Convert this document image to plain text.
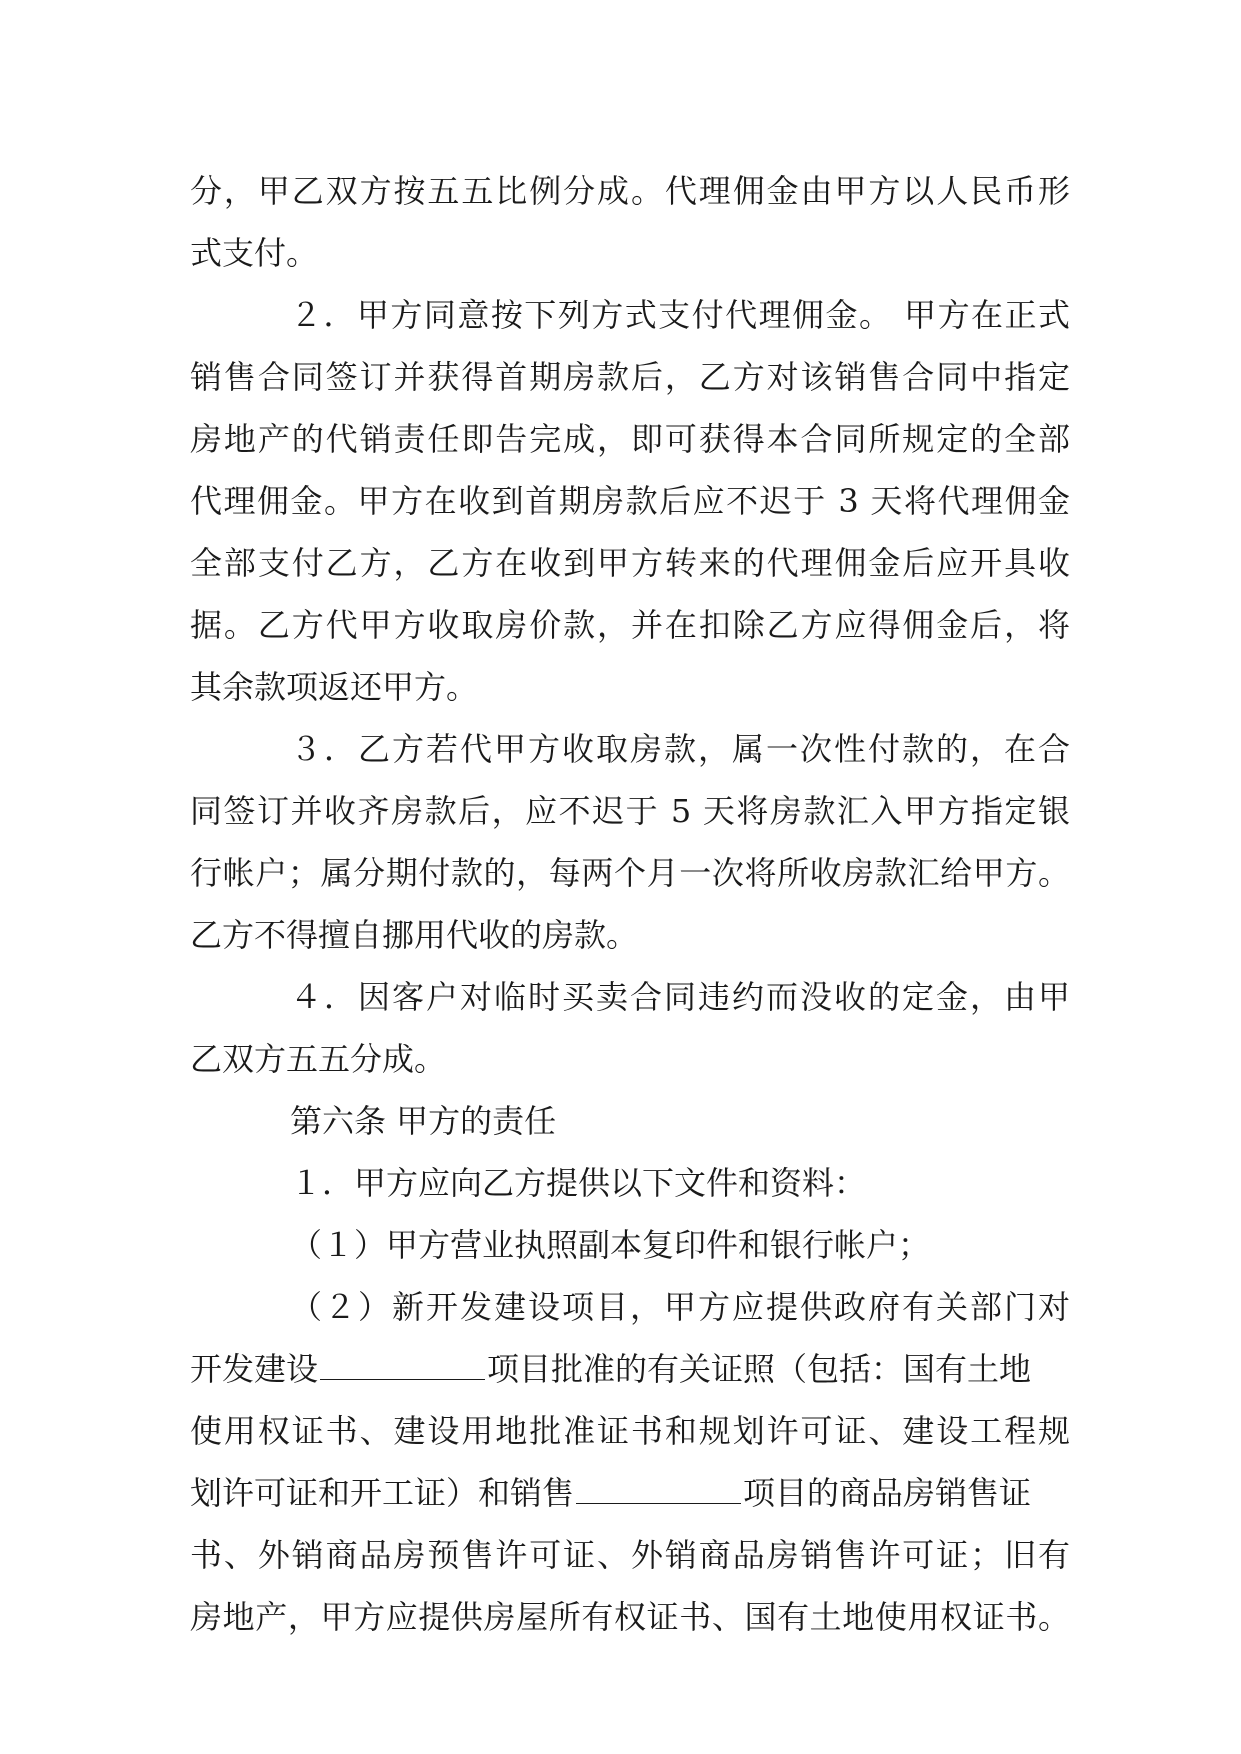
分，甲乙双方按五五比例分成。代理佣金由甲方以人民币形
式支付。
２．甲方同意按下列方式支付代理佣金。 甲方在正式
销售合同签订并获得首期房款后，乙方对该销售合同中指定
房地产的代销责任即告完成，即可获得本合同所规定的全部
代理佣金。甲方在收到首期房款后应不迟于 3 天将代理佣金
全部支付乙方，乙方在收到甲方转来的代理佣金后应开具收
据。乙方代甲方收取房价款，并在扣除乙方应得佣金后，将
其余款项返还甲方。
３．乙方若代甲方收取房款，属一次性付款的，在合
同签订并收齐房款后，应不迟于 5 天将房款汇入甲方指定银
行帐户；属分期付款的，每两个月一次将所收房款汇给甲方。
乙方不得擅自挪用代收的房款。
４．因客户对临时买卖合同违约而没收的定金，由甲
乙双方五五分成。
第六条 甲方的责任
１．甲方应向乙方提供以下文件和资料：
（１）甲方营业执照副本复印件和银行帐户；
（２）新开发建设项目，甲方应提供政府有关部门对
开发建设	项目批准的有关证照（包括：国有土地
使用权证书、建设用地批准证书和规划许可证、建设工程规
划许可证和开工证）和销售	项目的商品房销售证
书、外销商品房预售许可证、外销商品房销售许可证；旧有
房地产，甲方应提供房屋所有权证书、国有土地使用权证书。
